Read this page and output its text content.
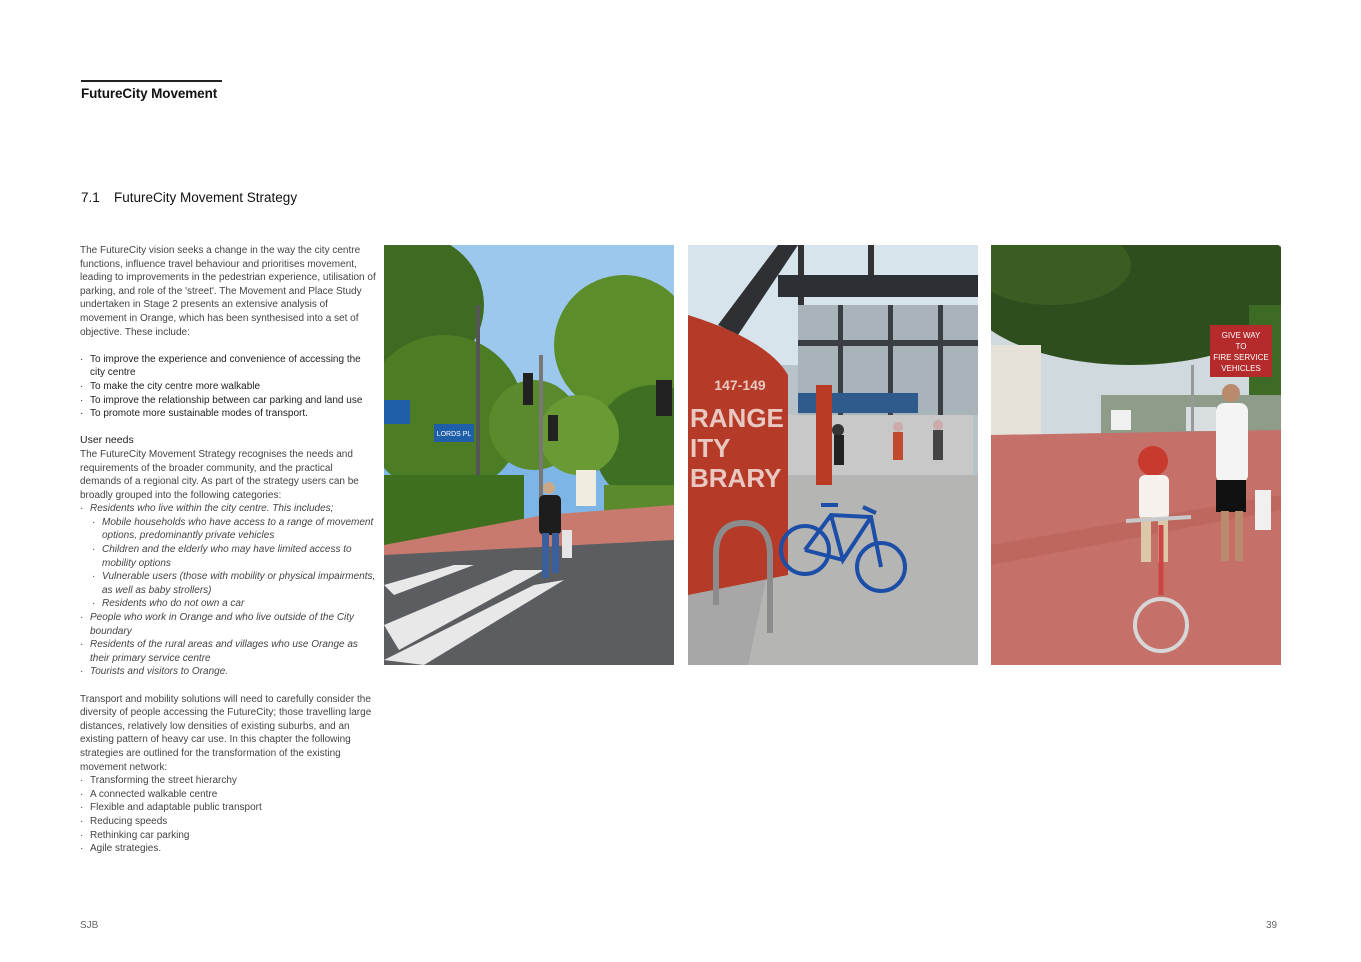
FutureCity Movement
7.1 FutureCity Movement Strategy

The FutureCity vision seeks a change in the way the city centre functions, influence travel behaviour and prioritises movement, leading to improvements in the pedestrian experience, utilisation of parking, and role of the 'street'. The Movement and Place Study undertaken in Stage 2 presents an extensive analysis of movement in Orange, which has been synthesised into a set of objective. These include:

· To improve the experience and convenience of accessing the city centre
· To make the city centre more walkable
· To improve the relationship between car parking and land use
· To promote more sustainable modes of transport.

User needs

The FutureCity Movement Strategy recognises the needs and requirements of the broader community, and the practical demands of a regional city. As part of the strategy users can be broadly grouped into the following categories:

· Residents who live within the city centre. This includes;
· Mobile households who have access to a range of movement options, predominantly private vehicles
· Children and the elderly who may have limited access to mobility options
· Vulnerable users (those with mobility or physical impairments, as well as baby strollers)
· Residents who do not own a car
· People who work in Orange and who live outside of the City boundary
· Residents of the rural areas and villages who use Orange as their primary service centre
· Tourists and visitors to Orange.

Transport and mobility solutions will need to carefully consider the diversity of people accessing the FutureCity; those travelling large distances, relatively low densities of existing suburbs, and an existing pattern of heavy car use. In this chapter the following strategies are outlined for the transformation of the existing movement network:

· Transforming the street hierarchy
· A connected walkable centre
· Flexible and adaptable public transport
· Reducing speeds
· Rethinking car parking
· Agile strategies.
LORDS PL
147-149
RANGE
ITY
BRARY
GIVE WAY
TO
FIRE SERVICE
VEHICLES
SJB	39
